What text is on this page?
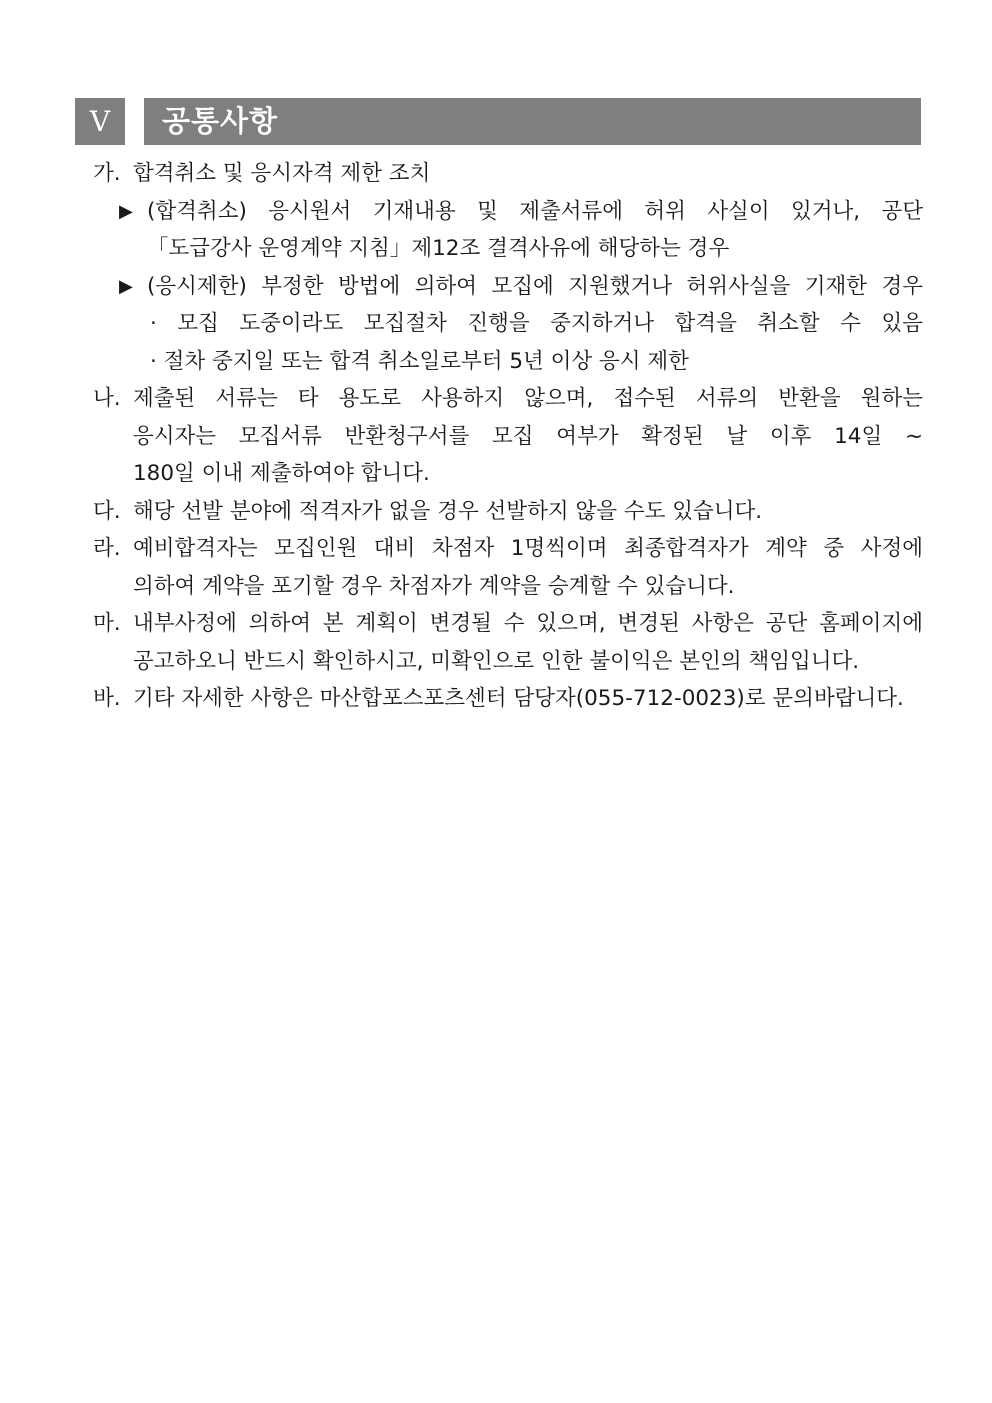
Ⅴ	공통사항
가. 합격취소 및 응시자격 제한 조치
▶ (합격취소) 응시원서 기재내용 및 제출서류에 허위 사실이 있거나, 공단
「도급강사 운영계약 지침」제12조 결격사유에 해당하는 경우
▶ (응시제한) 부정한 방법에 의하여 모집에 지원했거나 허위사실을 기재한 경우
· 모집 도중이라도 모집절차 진행을 중지하거나 합격을 취소할 수 있음
· 절차 중지일 또는 합격 취소일로부터 5년 이상 응시 제한
나. 제출된 서류는 타 용도로 사용하지 않으며, 접수된 서류의 반환을 원하는
응시자는 모집서류 반환청구서를 모집 여부가 확정된 날 이후 14일 ~
180일 이내 제출하여야 합니다.
다. 해당 선발 분야에 적격자가 없을 경우 선발하지 않을 수도 있습니다.
라. 예비합격자는 모집인원 대비 차점자 1명씩이며 최종합격자가 계약 중 사정에
의하여 계약을 포기할 경우 차점자가 계약을 승계할 수 있습니다.
마. 내부사정에 의하여 본 계획이 변경될 수 있으며, 변경된 사항은 공단 홈페이지에
공고하오니 반드시 확인하시고, 미확인으로 인한 불이익은 본인의 책임입니다.
바. 기타 자세한 사항은 마산합포스포츠센터 담당자(055-712-0023)로 문의바랍니다.
